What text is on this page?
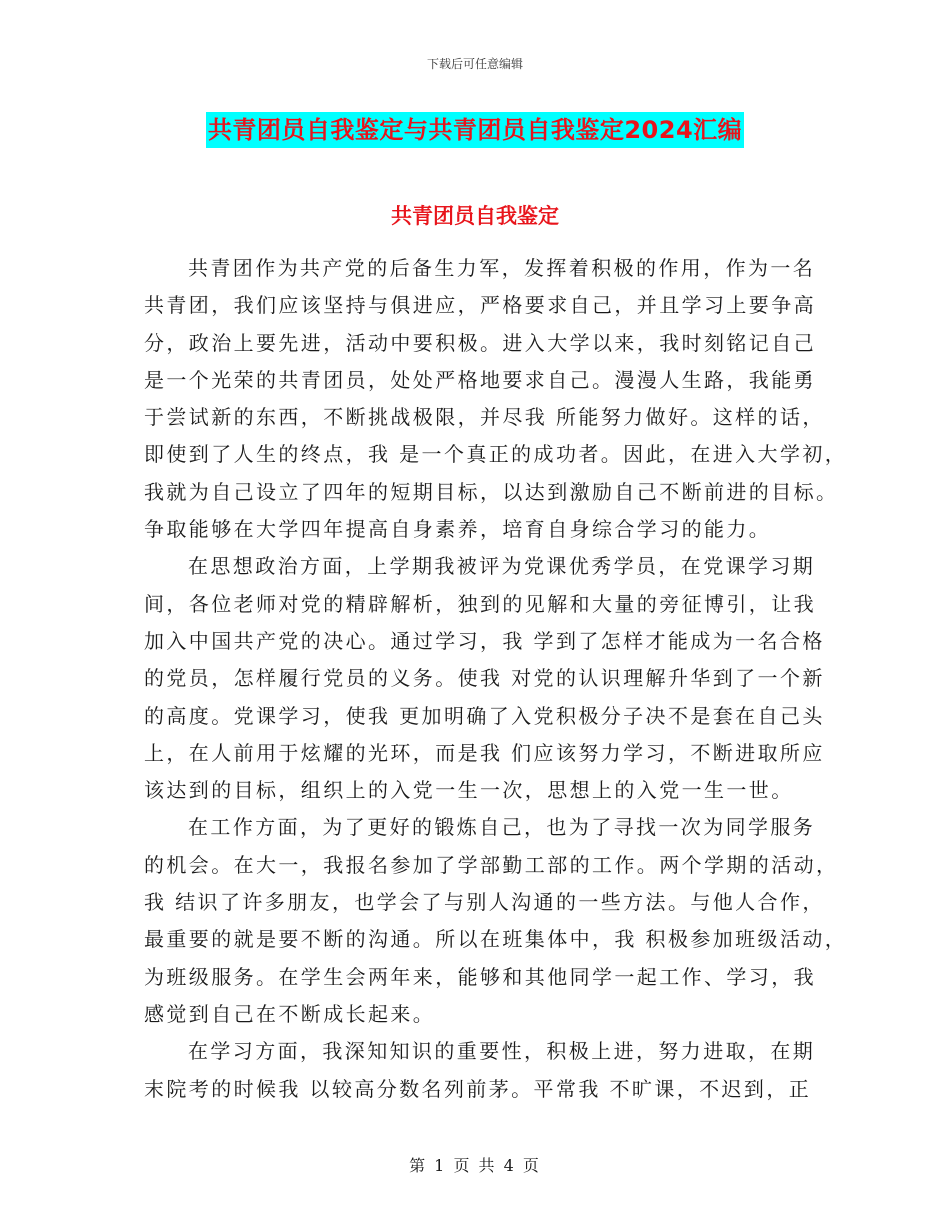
下载后可任意编辑
共青团员自我鉴定与共青团员自我鉴定2024汇编
共青团员自我鉴定
共青团作为共产党的后备生力军，发挥着积极的作用，作为一名
共青团，我们应该坚持与俱进应，严格要求自己，并且学习上要争高
分，政治上要先进，活动中要积极。进入大学以来，我时刻铭记自己
是一个光荣的共青团员，处处严格地要求自己。漫漫人生路，我能勇
于尝试新的东西，不断挑战极限，并尽我 所能努力做好。这样的话，
即使到了人生的终点，我 是一个真正的成功者。因此，在进入大学初，
我就为自己设立了四年的短期目标，以达到激励自己不断前进的目标。
争取能够在大学四年提高自身素养，培育自身综合学习的能力。
在思想政治方面，上学期我被评为党课优秀学员，在党课学习期
间，各位老师对党的精辟解析，独到的见解和大量的旁征博引，让我
加入中国共产党的决心。通过学习，我 学到了怎样才能成为一名合格
的党员，怎样履行党员的义务。使我 对党的认识理解升华到了一个新
的高度。党课学习，使我 更加明确了入党积极分子决不是套在自己头
上，在人前用于炫耀的光环，而是我 们应该努力学习，不断进取所应
该达到的目标，组织上的入党一生一次，思想上的入党一生一世。
在工作方面，为了更好的锻炼自己，也为了寻找一次为同学服务
的机会。在大一，我报名参加了学部勤工部的工作。两个学期的活动，
我 结识了许多朋友，也学会了与别人沟通的一些方法。与他人合作，
最重要的就是要不断的沟通。所以在班集体中，我 积极参加班级活动，
为班级服务。在学生会两年来，能够和其他同学一起工作、学习，我
感觉到自己在不断成长起来。
在学习方面，我深知知识的重要性，积极上进，努力进取，在期
末院考的时候我 以较高分数名列前茅。平常我 不旷课，不迟到，正
第 1 页 共 4 页
